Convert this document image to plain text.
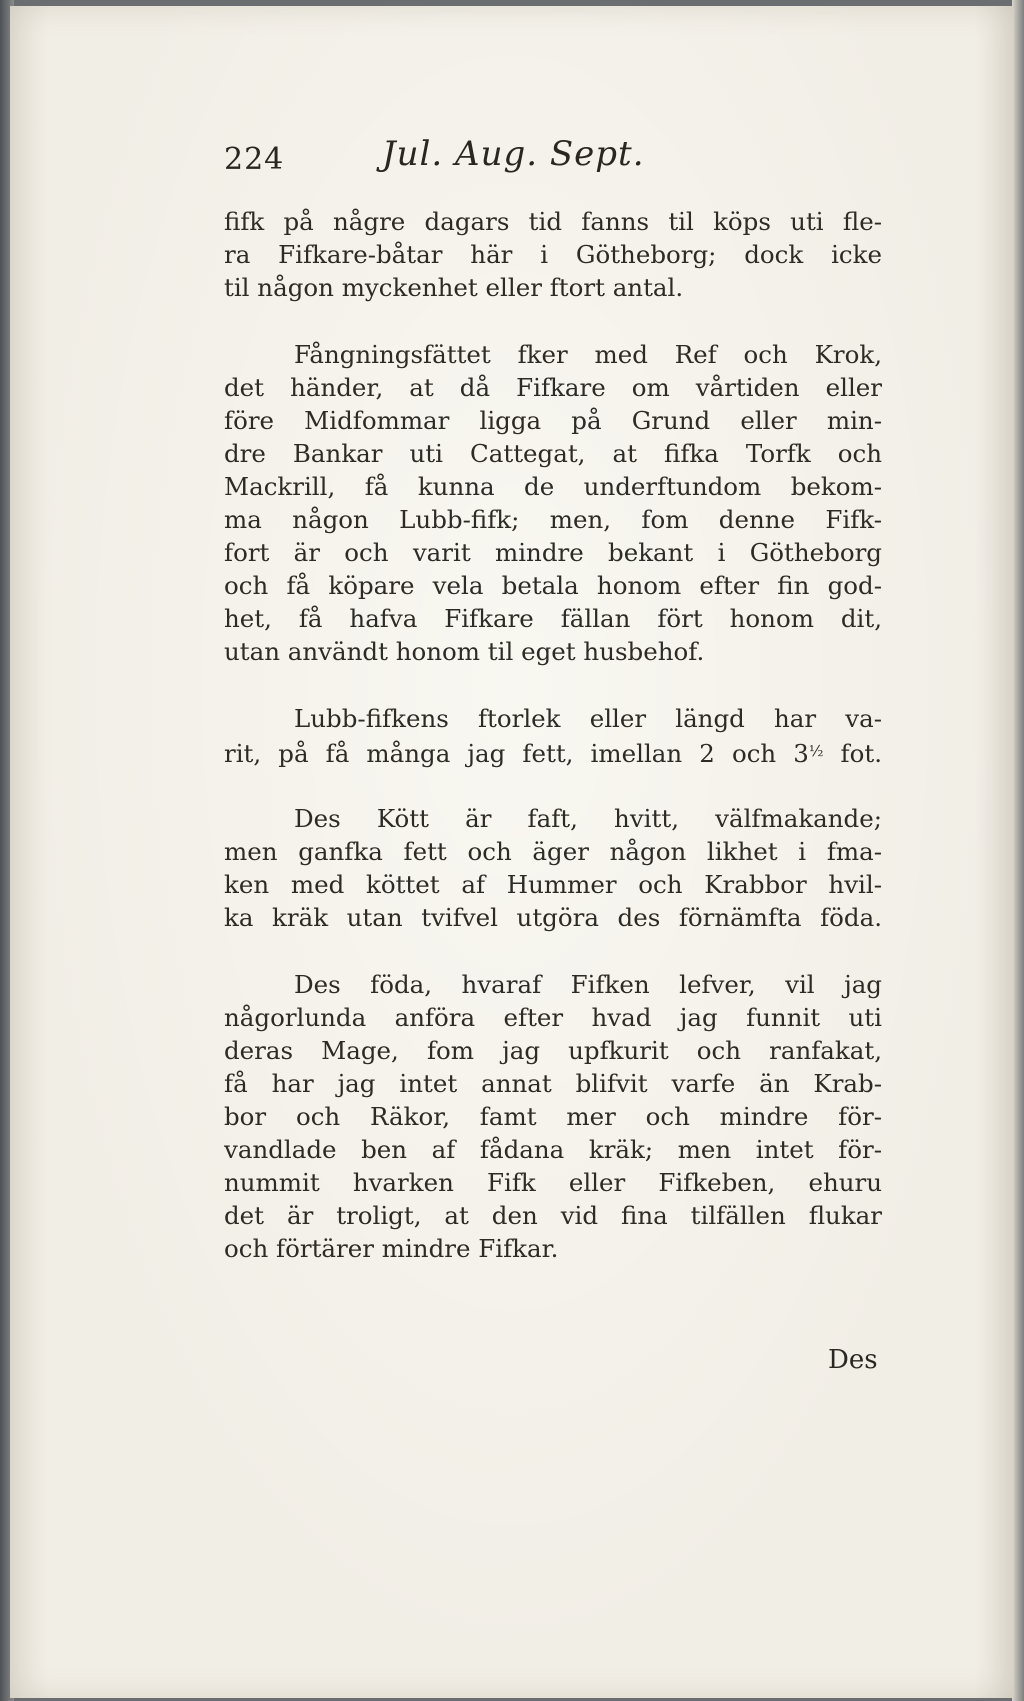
224	Jul. Aug. Sept.
fifk på någre dagars tid fanns til köps uti fle-
ra Fifkare-båtar här i Götheborg; dock icke
til någon myckenhet eller ftort antal.
Fångningsfättet fker med Ref och Krok,
det händer, at då Fifkare om vårtiden eller
före Midfommar ligga på Grund eller min-
dre Bankar uti Cattegat, at fifka Torfk och
Mackrill, få kunna de underftundom bekom-
ma någon Lubb-fifk; men, fom denne Fifk-
fort är och varit mindre bekant i Götheborg
och få köpare vela betala honom efter fin god-
het, få hafva Fifkare fällan fört honom dit,
utan användt honom til eget husbehof.
Lubb-fifkens ftorlek eller längd har va-
rit, på få många jag fett, imellan 2 och $3^{\frac{1}{2}}$ fot.
Des Kött är faft, hvitt, välfmakande;
men ganfka fett och äger någon likhet i fma-
ken med köttet af Hummer och Krabbor hvil-
ka kräk utan tvifvel utgöra des förnämfta föda.
Des föda, hvaraf Fifken lefver, vil jag
någorlunda anföra efter hvad jag funnit uti
deras Mage, fom jag upfkurit och ranfakat,
få har jag intet annat blifvit varfe än Krab-
bor och Räkor, famt mer och mindre för-
vandlade ben af fådana kräk; men intet för-
nummit hvarken Fifk eller Fifkeben, ehuru
det är troligt, at den vid fina tilfällen flukar
och förtärer mindre Fifkar.
Des
